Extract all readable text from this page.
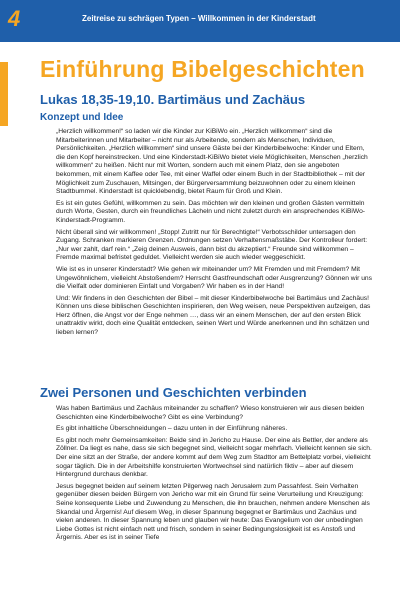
4	Zeitreise zu schrägen Typen – Willkommen in der Kinderstadt
Einführung Bibelgeschichten
Lukas 18,35-19,10. Bartimäus und Zachäus
Konzept und Idee

„Herzlich willkommen!“ so laden wir die Kinder zur KiBiWo ein. „Herzlich willkommen“ sind die Mitarbeiterinnen und Mitarbeiter – nicht nur als Arbeitende, sondern als Menschen, Individuen, Persönlichkeiten. „Herzlich willkommen“ sind unsere Gäste bei der Kinderbibelwoche: Kinder und Eltern, die den Kopf hereinstrecken. Und eine Kinderstadt-KiBiWo bietet viele Möglichkeiten, Menschen „herzlich willkommen“ zu heißen. Nicht nur mit Worten, sondern auch mit einem Platz, den sie angeboten bekommen, mit einem Kaffee oder Tee, mit einer Waffel oder einem Buch in der Stadtbibliothek – mit der Möglichkeit zum Zuschauen, Mitsingen, der Bürgerversammlung beizuwohnen oder zu einem kleinen Stadtbummel. Kinderstadt ist quicklebendig, bietet Raum für Groß und Klein.

Es ist ein gutes Gefühl, willkommen zu sein. Das möchten wir den kleinen und großen Gästen vermitteln durch Worte, Gesten, durch ein freundliches Lächeln und nicht zuletzt durch ein ansprechendes KiBiWo-Kinderstadt-Programm.

Nicht überall sind wir willkommen! „Stopp! Zutritt nur für Berechtigte!“ Verbotsschilder untersagen den Zugang. Schranken markieren Grenzen. Ordnungen setzen Verhaltensmaßstäbe. Der Kontrolleur fordert: „Nur wer zahlt, darf rein.“ „Zeig deinen Ausweis, dann bist du akzeptiert.“ Freunde sind willkommen – Fremde maximal befristet geduldet. Vielleicht werden sie auch wieder weggeschickt.

Wie ist es in unserer Kinderstadt? Wie gehen wir miteinander um? Mit Fremden und mit Fremdem? Mit Ungewöhnlichem, vielleicht Abstoßendem? Herrscht Gastfreundschaft oder Ausgrenzung? Gönnen wir uns die Vielfalt oder dominieren Einfalt und Vorgaben? Wir haben es in der Hand!

Und: Wir findens in den Geschichten der Bibel – mit dieser Kinderbibelwoche bei Bartimäus und Zachäus! Können uns diese biblischen Geschichten inspirieren, den Weg weisen, neue Perspektiven aufzeigen, das Herz öffnen, die Angst vor der Enge nehmen …, dass wir an einem Menschen, der auf den ersten Blick unattraktiv wirkt, doch eine Qualität entdecken, seinen Wert und Würde anerkennen und ihn schätzen und lieben lernen?

Zwei Personen und Geschichten verbinden

Was haben Bartimäus und Zachäus miteinander zu schaffen? Wieso konstruieren wir aus diesen beiden Geschichten eine Kinderbibelwoche? Gibt es eine Verbindung?

Es gibt inhaltliche Überschneidungen – dazu unten in der Einführung näheres.

Es gibt noch mehr Gemeinsamkeiten: Beide sind in Jericho zu Hause. Der eine als Bettler, der andere als Zöllner. Da liegt es nahe, dass sie sich begegnet sind, vielleicht sogar mehrfach. Vielleicht kennen sie sich. Der eine sitzt an der Straße, der andere kommt auf dem Weg zum Stadttor am Bettelplatz vorbei, vielleicht sogar täglich. Die in der Arbeitshilfe konstruierten Wortwechsel sind natürlich fiktiv – aber auf diesem Hintergrund durchaus denkbar.

Jesus begegnet beiden auf seinem letzten Pilgerweg nach Jerusalem zum Passahfest. Sein Verhalten gegenüber diesen beiden Bürgern von Jericho war mit ein Grund für seine Verurteilung und Kreuzigung: Seine konsequente Liebe und Zuwendung zu Menschen, die ihn brauchen, nehmen andere Menschen als Skandal und Ärgernis! Auf diesem Weg, in dieser Spannung begegnet er Bartimäus und Zachäus und vielen anderen. In dieser Spannung leben und glauben wir heute: Das Evangelium von der unbedingten Liebe Gottes ist nicht einfach nett und frisch, sondern in seiner Bedingungslosigkeit ist es Anstoß und Ärgernis. Aber es ist in seiner Tiefe
